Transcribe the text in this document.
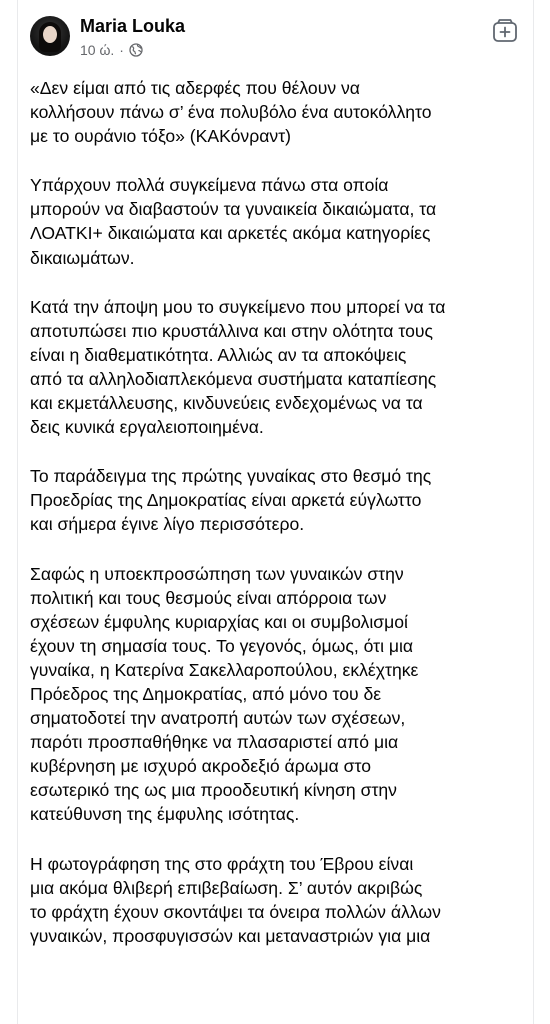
Maria Louka
10 ώ. ·

«Δεν είμαι από τις αδερφές που θέλουν να
κολλήσουν πάνω σ’ ένα πολυβόλο ένα αυτοκόλλητο
με το ουράνιο τόξο» (ΚΑΚόνραντ)

Υπάρχουν πολλά συγκείμενα πάνω στα οποία
μπορούν να διαβαστούν τα γυναικεία δικαιώματα, τα
ΛΟΑΤΚΙ+ δικαιώματα και αρκετές ακόμα κατηγορίες
δικαιωμάτων.

Κατά την άποψη μου το συγκείμενο που μπορεί να τα
αποτυπώσει πιο κρυστάλλινα και στην ολότητα τους
είναι η διαθεματικότητα. Αλλιώς αν τα αποκόψεις
από τα αλληλοδιαπλεκόμενα συστήματα καταπίεσης
και εκμετάλλευσης, κινδυνεύεις ενδεχομένως να τα
δεις κυνικά εργαλειοποιημένα.

Το παράδειγμα της πρώτης γυναίκας στο θεσμό της
Προεδρίας της Δημοκρατίας είναι αρκετά εύγλωττο
και σήμερα έγινε λίγο περισσότερο.

Σαφώς η υποεκπροσώπηση των γυναικών στην
πολιτική και τους θεσμούς είναι απόρροια των
σχέσεων έμφυλης κυριαρχίας και οι συμβολισμοί
έχουν τη σημασία τους. Το γεγονός, όμως, ότι μια
γυναίκα, η Κατερίνα Σακελλαροπούλου, εκλέχτηκε
Πρόεδρος της Δημοκρατίας, από μόνο του δε
σηματοδοτεί την ανατροπή αυτών των σχέσεων,
παρότι προσπαθήθηκε να πλασαριστεί από μια
κυβέρνηση με ισχυρό ακροδεξιό άρωμα στο
εσωτερικό της ως μια προοδευτική κίνηση στην
κατεύθυνση της έμφυλης ισότητας.

Η φωτογράφηση της στο φράχτη του Έβρου είναι
μια ακόμα θλιβερή επιβεβαίωση. Σ’ αυτόν ακριβώς
το φράχτη έχουν σκοντάψει τα όνειρα πολλών άλλων
γυναικών, προσφυγισσών και μεταναστριών για μια
